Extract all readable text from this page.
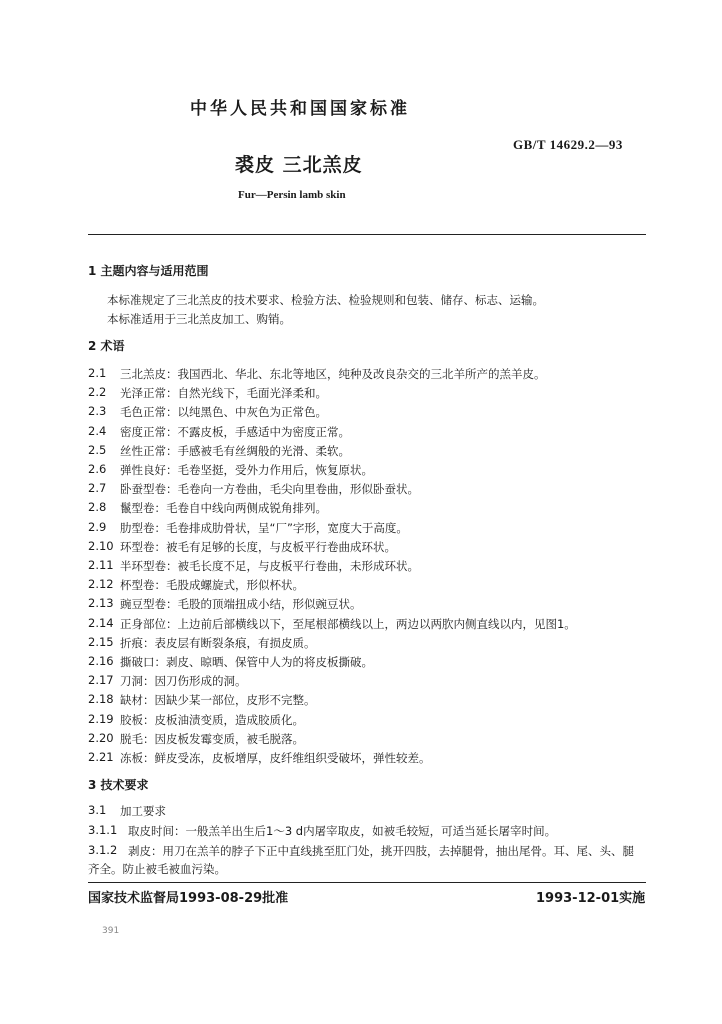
中华人民共和国国家标准
GB/T 14629.2—93
裘皮 三北羔皮
Fur—Persin lamb skin
1 主题内容与适用范围
本标准规定了三北羔皮的技术要求、检验方法、检验规则和包装、储存、标志、运输。
本标准适用于三北羔皮加工、购销。
2 术语
2.1 三北羔皮：我国西北、华北、东北等地区，纯种及改良杂交的三北羊所产的羔羊皮。
2.2 光泽正常：自然光线下，毛面光泽柔和。
2.3 毛色正常：以纯黑色、中灰色为正常色。
2.4 密度正常：不露皮板，手感适中为密度正常。
2.5 丝性正常：手感被毛有丝绸般的光滑、柔软。
2.6 弹性良好：毛卷坚挺，受外力作用后，恢复原状。
2.7 卧蚕型卷：毛卷向一方卷曲，毛尖向里卷曲，形似卧蚕状。
2.8 鬣型卷：毛卷自中线向两侧成锐角排列。
2.9 肋型卷：毛卷排成肋骨状，呈“厂”字形，宽度大于高度。
2.10 环型卷：被毛有足够的长度，与皮板平行卷曲成环状。
2.11 半环型卷：被毛长度不足，与皮板平行卷曲，未形成环状。
2.12 杯型卷：毛股成螺旋式，形似杯状。
2.13 豌豆型卷：毛股的顶端扭成小结，形似豌豆状。
2.14 正身部位：上边前后部横线以下，至尾根部横线以上，两边以两肷内侧直线以内，见图1。
2.15 折痕：表皮层有断裂条痕，有损皮质。
2.16 撕破口：剥皮、晾晒、保管中人为的将皮板撕破。
2.17 刀洞：因刀伤形成的洞。
2.18 缺材：因缺少某一部位，皮形不完整。
2.19 胶板：皮板油渍变质，造成胶质化。
2.20 脱毛：因皮板发霉变质，被毛脱落。
2.21 冻板：鲜皮受冻，皮板增厚，皮纤维组织受破坏，弹性较差。
3 技术要求
3.1 加工要求
3.1.1 取皮时间：一般羔羊出生后1～3 d内屠宰取皮，如被毛较短，可适当延长屠宰时间。
3.1.2 剥皮：用刀在羔羊的脖子下正中直线挑至肛门处，挑开四肢，去掉腿骨，抽出尾骨。耳、尾、头、腿
齐全。防止被毛被血污染。
国家技术监督局1993-08-29批准	1993-12-01实施
391
